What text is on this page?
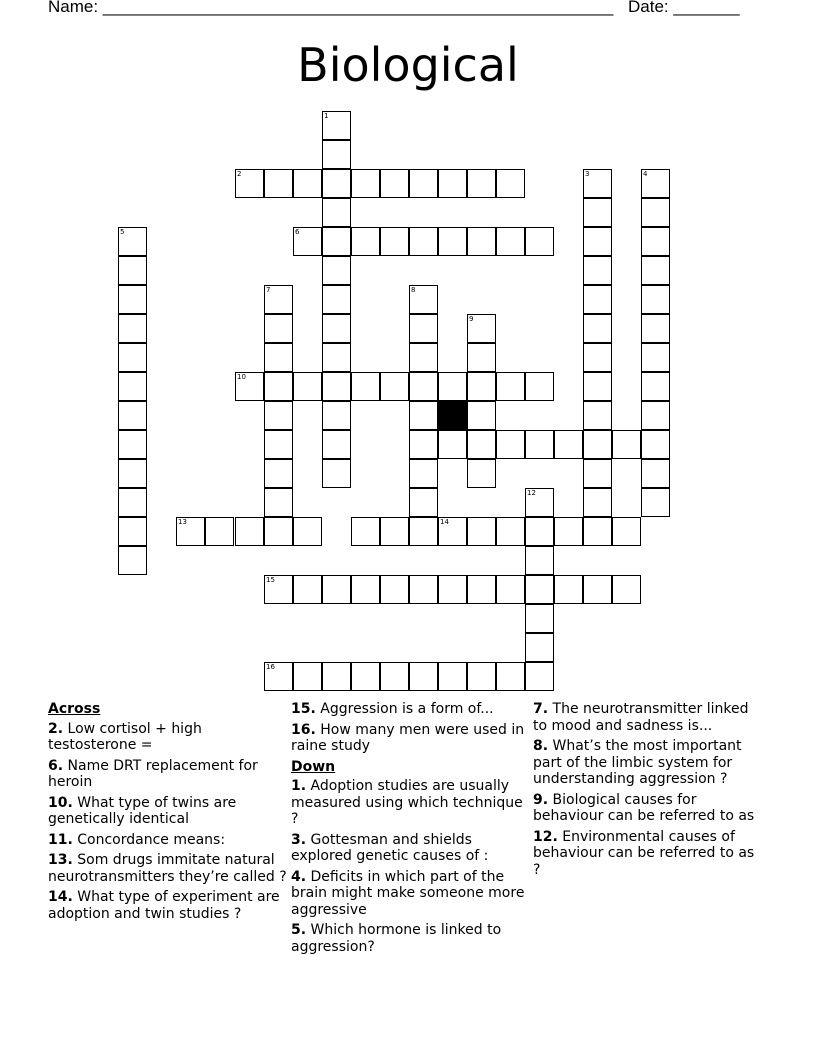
Name: ______________________________________________________ Date: _______
Biological
1
2	3	4
5	6
7	8
9
10
12
13	14
15
16
Across
2. Low cortisol + high testosterone =
6. Name DRT replacement for heroin
10. What type of twins are genetically identical
11. Concordance means:
13. Som drugs immitate natural neurotransmitters they’re called ?
14. What type of experiment are adoption and twin studies ?
15. Aggression is a form of...
16. How many men were used in raine study
Down
1. Adoption studies are usually measured using which technique ?
3. Gottesman and shields explored genetic causes of :
4. Deficits in which part of the brain might make someone more aggressive
5. Which hormone is linked to aggression?
7. The neurotransmitter linked to mood and sadness is...
8. What’s the most important part of the limbic system for understanding aggression ?
9. Biological causes for behaviour can be referred to as
12. Environmental causes of behaviour can be referred to as ?
